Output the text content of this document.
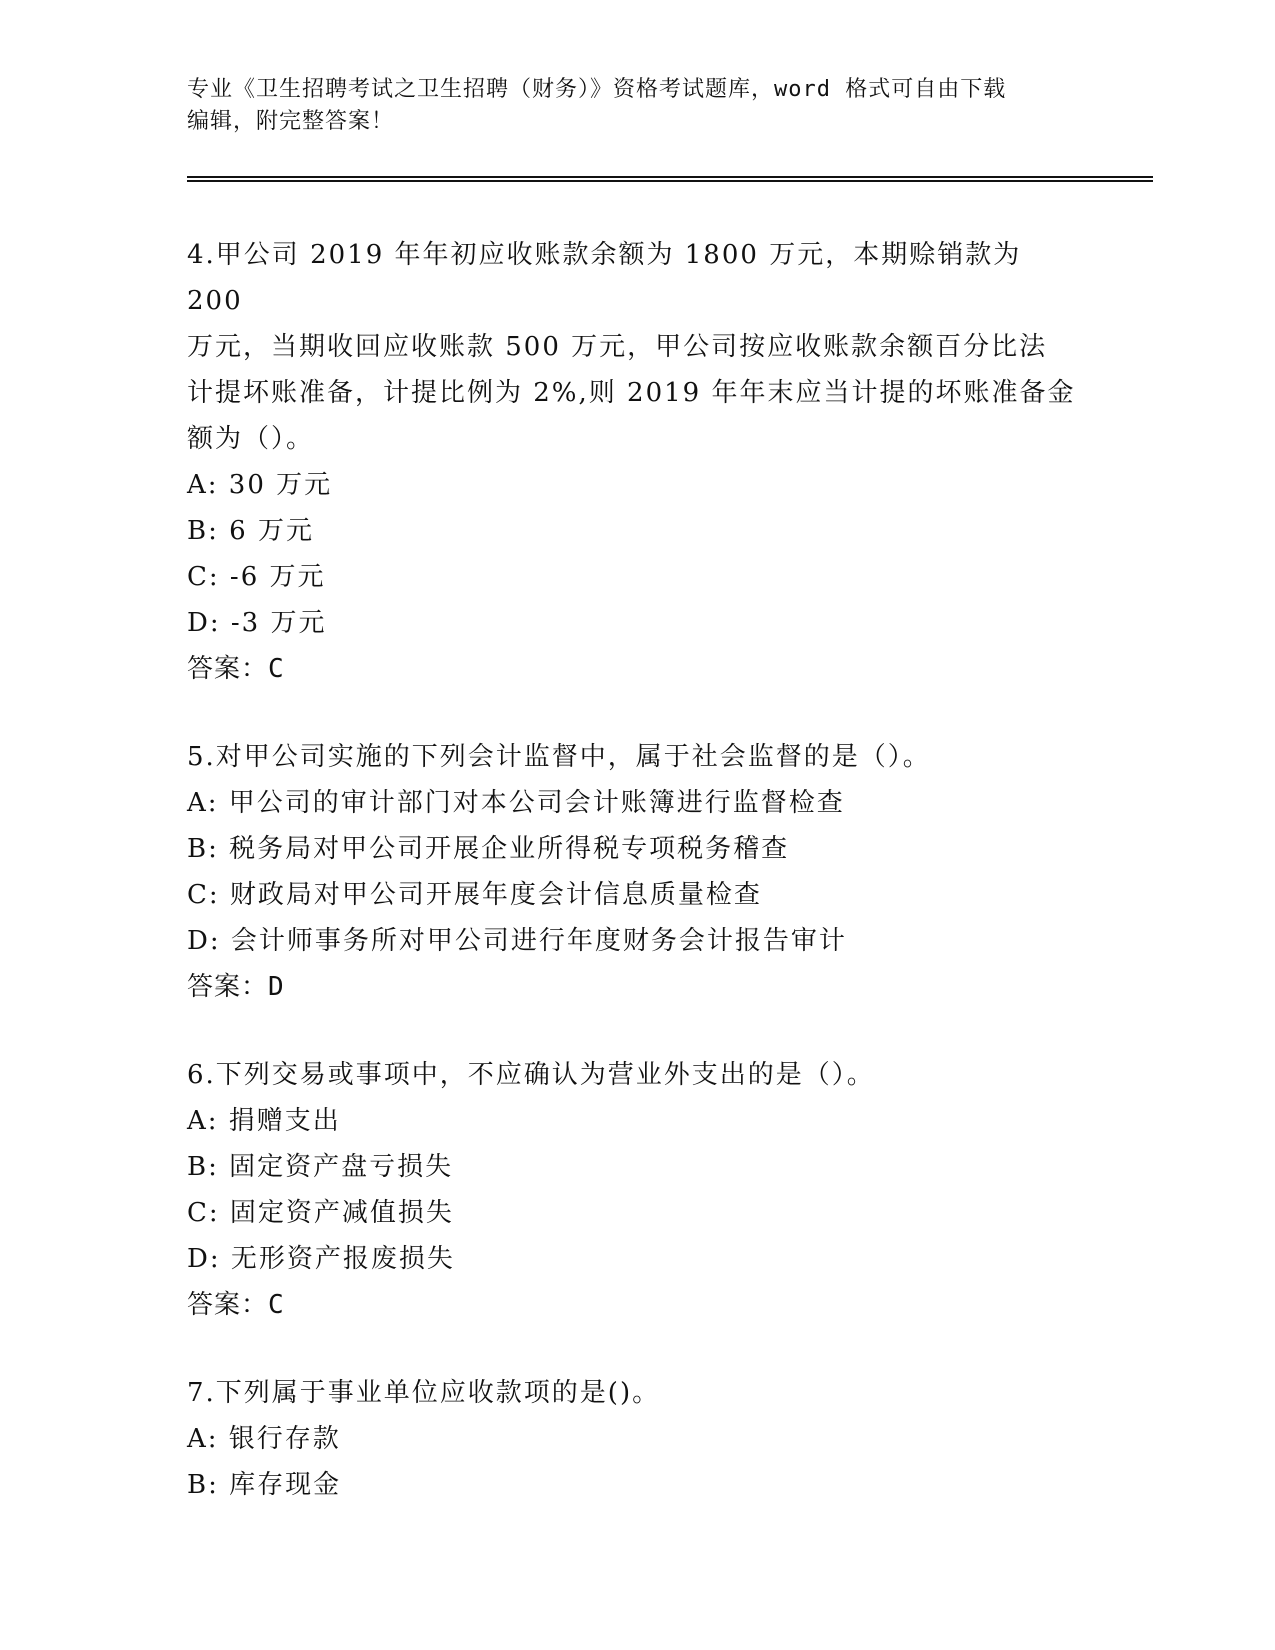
专业《卫生招聘考试之卫生招聘（财务）》资格考试题库，word 格式可自由下载
编辑，附完整答案！
4.甲公司 2019 年年初应收账款余额为 1800 万元，本期赊销款为 200
万元，当期收回应收账款 500 万元，甲公司按应收账款余额百分比法
计提坏账准备，计提比例为 2%,则 2019 年年末应当计提的坏账准备金
额为（）。
A: 30 万元
B: 6 万元
C: -6 万元
D: -3 万元
答案：C
5.对甲公司实施的下列会计监督中，属于社会监督的是（）。
A: 甲公司的审计部门对本公司会计账簿进行监督检查
B: 税务局对甲公司开展企业所得税专项税务稽查
C: 财政局对甲公司开展年度会计信息质量检查
D: 会计师事务所对甲公司进行年度财务会计报告审计
答案：D
6.下列交易或事项中，不应确认为营业外支出的是（）。
A: 捐赠支出
B: 固定资产盘亏损失
C: 固定资产减值损失
D: 无形资产报废损失
答案：C
7.下列属于事业单位应收款项的是()。
A: 银行存款
B: 库存现金
